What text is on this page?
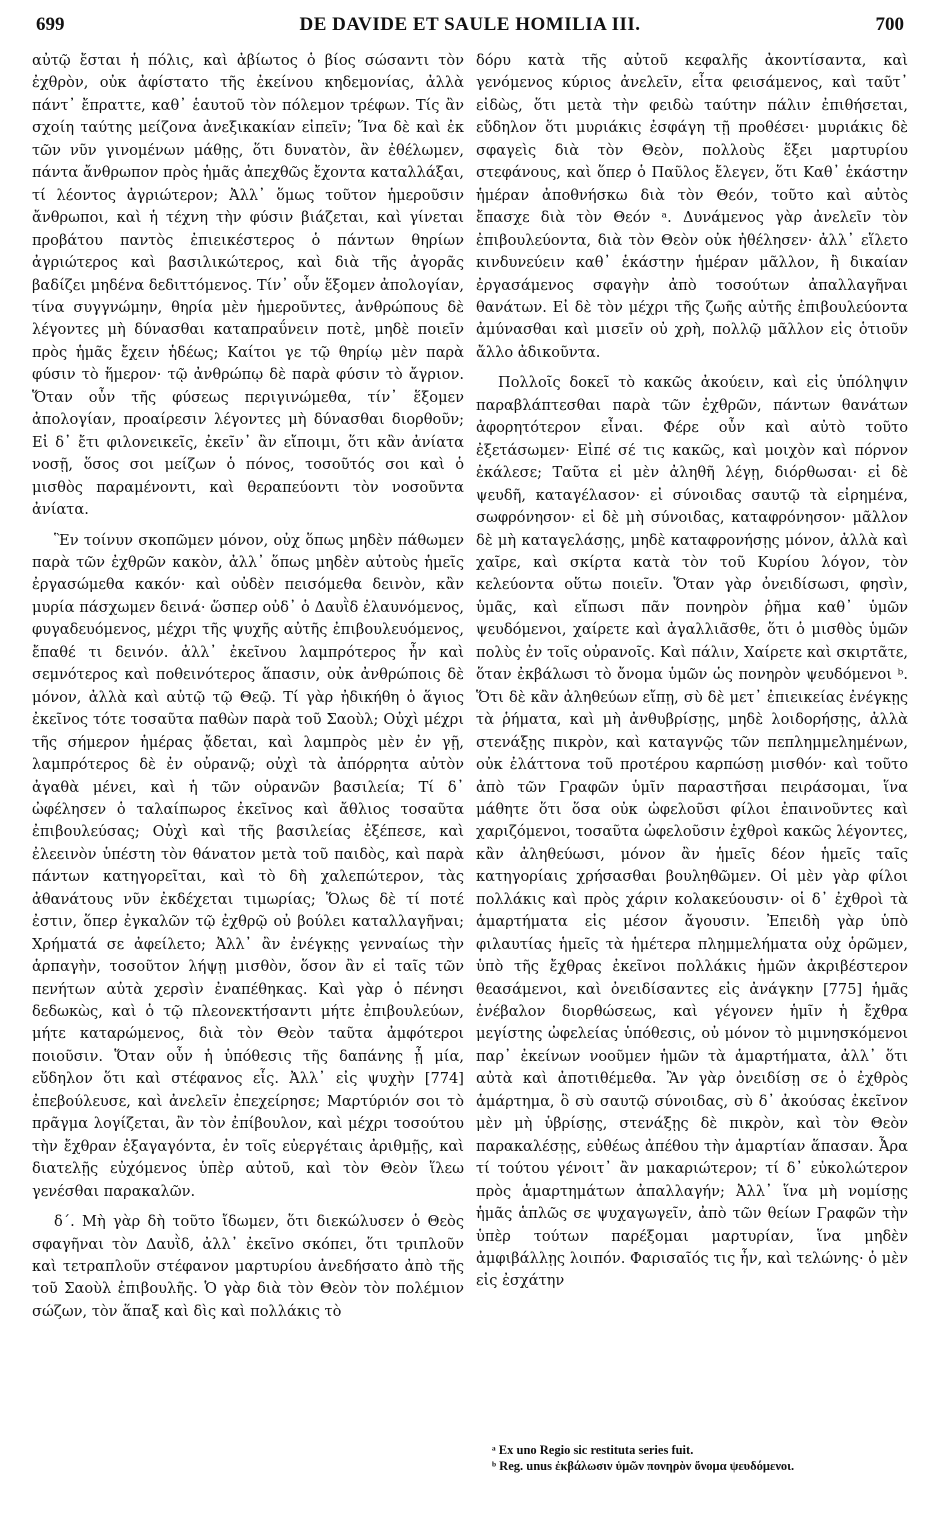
699	DE DAVIDE ET SAULE HOMILIA III.	700

αὐτῷ ἔσται ἡ πόλις, καὶ ἀβίωτος ὁ βίος σώσαντι τὸν ἐχθρὸν, οὐκ ἀφίστατο τῆς ἐκείνου κηδεμονίας, ἀλλὰ πάντ᾽ ἔπραττε, καθ᾽ ἑαυτοῦ τὸν πόλεμον τρέφων. Τίς ἂν σχοίη ταύτης μείζονα ἀνεξικακίαν εἰπεῖν; Ἵνα δὲ καὶ ἐκ τῶν νῦν γινομένων μάθῃς, ὅτι δυνατὸν, ἂν ἐθέλωμεν, πάντα ἄνθρωπον πρὸς ἡμᾶς ἀπεχθῶς ἔχοντα καταλλάξαι, τί λέοντος ἀγριώτερον; Ἀλλ᾽ ὅμως τοῦτον ἡμεροῦσιν ἄνθρωποι, καὶ ἡ τέχνη τὴν φύσιν βιάζεται, καὶ γίνεται προβάτου παντὸς ἐπιεικέστερος ὁ πάντων θηρίων ἀγριώτερος καὶ βασιλικώτερος, καὶ διὰ τῆς ἀγορᾶς βαδίζει μηδένα δεδιττόμενος. Τίν᾽ οὖν ἕξομεν ἀπολογίαν, τίνα συγγνώμην, θηρία μὲν ἡμεροῦντες, ἀνθρώπους δὲ λέγοντες μὴ δύνασθαι καταπραΰνειν ποτὲ, μηδὲ ποιεῖν πρὸς ἡμᾶς ἔχειν ἡδέως; Καίτοι γε τῷ θηρίῳ μὲν παρὰ φύσιν τὸ ἥμερον· τῷ ἀνθρώπῳ δὲ παρὰ φύσιν τὸ ἄγριον. Ὅταν οὖν τῆς φύσεως περιγινώμεθα, τίν᾽ ἕξομεν ἀπολογίαν, προαίρεσιν λέγοντες μὴ δύνασθαι διορθοῦν; Εἰ δ᾽ ἔτι φιλονεικεῖς, ἐκεῖν᾽ ἂν εἴποιμι, ὅτι κἂν ἀνίατα νοσῇ, ὅσος σοι μείζων ὁ πόνος, τοσοῦτός σοι καὶ ὁ μισθὸς παραμένοντι, καὶ θεραπεύοντι τὸν νοσοῦντα ἀνίατα.

Ἓν τοίνυν σκοπῶμεν μόνον, οὐχ ὅπως μηδὲν πάθωμεν παρὰ τῶν ἐχθρῶν κακὸν, ἀλλ᾽ ὅπως μηδὲν αὐτοὺς ἡμεῖς ἐργασώμεθα κακόν· καὶ οὐδὲν πεισόμεθα δεινὸν, κἂν μυρία πάσχωμεν δεινά· ὥσπερ οὐδ᾽ ὁ Δαυῒδ ἐλαυνόμενος, φυγαδευόμενος, μέχρι τῆς ψυχῆς αὐτῆς ἐπιβουλευόμενος, ἔπαθέ τι δεινόν. ἀλλ᾽ ἐκεῖνου λαμπρότερος ἦν καὶ σεμνότερος καὶ ποθεινότερος ἅπασιν, οὐκ ἀνθρώποις δὲ μόνον, ἀλλὰ καὶ αὐτῷ τῷ Θεῷ. Τί γὰρ ἠδικήθη ὁ ἅγιος ἐκεῖνος τότε τοσαῦτα παθὼν παρὰ τοῦ Σαοὺλ; Οὐχὶ μέχρι τῆς σήμερον ἡμέρας ᾄδεται, καὶ λαμπρὸς μὲν ἐν γῇ, λαμπρότερος δὲ ἐν οὐρανῷ; οὐχὶ τὰ ἀπόρρητα αὐτὸν ἀγαθὰ μένει, καὶ ἡ τῶν οὐρανῶν βασιλεία; Τί δ᾽ ὠφέλησεν ὁ ταλαίπωρος ἐκεῖνος καὶ ἄθλιος τοσαῦτα ἐπιβουλεύσας; Οὐχὶ καὶ τῆς βασιλείας ἐξέπεσε, καὶ ἐλεεινὸν ὑπέστη τὸν θάνατον μετὰ τοῦ παιδὸς, καὶ παρὰ πάντων κατηγορεῖται, καὶ τὸ δὴ χαλεπώτερον, τὰς ἀθανάτους νῦν ἐκδέχεται τιμωρίας; Ὅλως δὲ τί ποτέ ἐστιν, ὅπερ ἐγκαλῶν τῷ ἐχθρῷ οὐ βούλει καταλλαγῆναι; Χρήματά σε ἀφείλετο; Ἀλλ᾽ ἂν ἐνέγκῃς γενναίως τὴν ἁρπαγὴν, τοσοῦτον λήψῃ μισθὸν, ὅσον ἂν εἰ ταῖς τῶν πενήτων αὐτὰ χερσὶν ἐναπέθηκας. Καὶ γὰρ ὁ πένησι δεδωκὼς, καὶ ὁ τῷ πλεονεκτήσαντι μήτε ἐπιβουλεύων, μήτε καταρώμενος, διὰ τὸν Θεὸν ταῦτα ἀμφότεροι ποιοῦσιν. Ὅταν οὖν ἡ ὑπόθεσις τῆς δαπάνης ᾖ μία, εὔδηλον ὅτι καὶ στέφανος εἷς. Ἀλλ᾽ εἰς ψυχὴν [774] ἐπεβούλευσε, καὶ ἀνελεῖν ἐπεχείρησε; Μαρτύριόν σοι τὸ πρᾶγμα λογίζεται, ἂν τὸν ἐπίβουλον, καὶ μέχρι τοσούτου τὴν ἔχθραν ἐξαγαγόντα, ἐν τοῖς εὐεργέταις ἀριθμῇς, καὶ διατελῇς εὐχόμενος ὑπὲρ αὐτοῦ, καὶ τὸν Θεὸν ἵλεω γενέσθαι παρακαλῶν.

δ΄. Μὴ γὰρ δὴ τοῦτο ἴδωμεν, ὅτι διεκώλυσεν ὁ Θεὸς σφαγῆναι τὸν Δαυῒδ, ἀλλ᾽ ἐκεῖνο σκόπει, ὅτι τριπλοῦν καὶ τετραπλοῦν στέφανον μαρτυρίου ἀνεδήσατο ἀπὸ τῆς τοῦ Σαοὺλ ἐπιβουλῆς. Ὁ γὰρ διὰ τὸν Θεὸν τὸν πολέμιον σώζων, τὸν ἅπαξ καὶ δὶς καὶ πολλάκις τὸ

δόρυ κατὰ τῆς αὐτοῦ κεφαλῆς ἀκοντίσαντα, καὶ γενόμενος κύριος ἀνελεῖν, εἶτα φεισάμενος, καὶ ταῦτ᾽ εἰδὼς, ὅτι μετὰ τὴν φειδὼ ταύτην πάλιν ἐπιθήσεται, εὔδηλον ὅτι μυριάκις ἐσφάγη τῇ προθέσει· μυριάκις δὲ σφαγεὶς διὰ τὸν Θεὸν, πολλοὺς ἕξει μαρτυρίου στεφάνους, καὶ ὅπερ ὁ Παῦλος ἔλεγεν, ὅτι Καθ᾽ ἑκάστην ἡμέραν ἀποθνήσκω διὰ τὸν Θεόν, τοῦτο καὶ αὐτὸς ἔπασχε διὰ τὸν Θεόν ᵃ. Δυνάμενος γὰρ ἀνελεῖν τὸν ἐπιβουλεύοντα, διὰ τὸν Θεὸν οὐκ ἠθέλησεν· ἀλλ᾽ εἵλετο κινδυνεύειν καθ᾽ ἑκάστην ἡμέραν μᾶλλον, ἢ δικαίαν ἐργασάμενος σφαγὴν ἀπὸ τοσούτων ἀπαλλαγῆναι θανάτων. Εἰ δὲ τὸν μέχρι τῆς ζωῆς αὐτῆς ἐπιβουλεύοντα ἀμύνασθαι καὶ μισεῖν οὐ χρὴ, πολλῷ μᾶλλον εἰς ὁτιοῦν ἄλλο ἀδικοῦντα.

Πολλοῖς δοκεῖ τὸ κακῶς ἀκούειν, καὶ εἰς ὑπόληψιν παραβλάπτεσθαι παρὰ τῶν ἐχθρῶν, πάντων θανάτων ἀφορητότερον εἶναι. Φέρε οὖν καὶ αὐτὸ τοῦτο ἐξετάσωμεν· Εἰπέ σέ τις κακῶς, καὶ μοιχὸν καὶ πόρνον ἐκάλεσε; Ταῦτα εἰ μὲν ἀληθῆ λέγῃ, διόρθωσαι· εἰ δὲ ψευδῆ, καταγέλασον· εἰ σύνοιδας σαυτῷ τὰ εἰρημένα, σωφρόνησον· εἰ δὲ μὴ σύνοιδας, καταφρόνησον· μᾶλλον δὲ μὴ καταγελάσῃς, μηδὲ καταφρονήσῃς μόνον, ἀλλὰ καὶ χαῖρε, καὶ σκίρτα κατὰ τὸν τοῦ Κυρίου λόγον, τὸν κελεύοντα οὕτω ποιεῖν. Ὅταν γὰρ ὀνειδίσωσι, φησὶν, ὑμᾶς, καὶ εἴπωσι πᾶν πονηρὸν ῥῆμα καθ᾽ ὑμῶν ψευδόμενοι, χαίρετε καὶ ἀγαλλιᾶσθε, ὅτι ὁ μισθὸς ὑμῶν πολὺς ἐν τοῖς οὐρανοῖς. Καὶ πάλιν, Χαίρετε καὶ σκιρτᾶτε, ὅταν ἐκβάλωσι τὸ ὄνομα ὑμῶν ὡς πονηρὸν ψευδόμενοι ᵇ. Ὅτι δὲ κἂν ἀληθεύων εἴπῃ, σὺ δὲ μετ᾽ ἐπιεικείας ἐνέγκῃς τὰ ῥήματα, καὶ μὴ ἀνθυβρίσῃς, μηδὲ λοιδορήσῃς, ἀλλὰ στενάξῃς πικρὸν, καὶ καταγνῷς τῶν πεπλημμελημένων, οὐκ ἐλάττονα τοῦ προτέρου καρπώσῃ μισθόν· καὶ τοῦτο ἀπὸ τῶν Γραφῶν ὑμῖν παραστῆσαι πειράσομαι, ἵνα μάθητε ὅτι ὅσα οὐκ ὠφελοῦσι φίλοι ἐπαινοῦντες καὶ χαριζόμενοι, τοσαῦτα ὠφελοῦσιν ἐχθροὶ κακῶς λέγοντες, κἂν ἀληθεύωσι, μόνον ἂν ἡμεῖς δέον ἡμεῖς ταῖς κατηγορίαις χρήσασθαι βουληθῶμεν. Οἱ μὲν γὰρ φίλοι πολλάκις καὶ πρὸς χάριν κολακεύουσιν· οἱ δ᾽ ἐχθροὶ τὰ ἁμαρτήματα εἰς μέσον ἄγουσιν. Ἐπειδὴ γὰρ ὑπὸ φιλαυτίας ἡμεῖς τὰ ἡμέτερα πλημμελήματα οὐχ ὁρῶμεν, ὑπὸ τῆς ἔχθρας ἐκεῖνοι πολλάκις ἡμῶν ἀκριβέστερον θεασάμενοι, καὶ ὀνειδίσαντες εἰς ἀνάγκην [775] ἡμᾶς ἐνέβαλον διορθώσεως, καὶ γέγονεν ἡμῖν ἡ ἔχθρα μεγίστης ὠφελείας ὑπόθεσις, οὐ μόνον τὸ μιμνησκόμενοι παρ᾽ ἐκείνων νοοῦμεν ἡμῶν τὰ ἁμαρτήματα, ἀλλ᾽ ὅτι αὐτὰ καὶ ἀποτιθέμεθα. Ἂν γὰρ ὀνειδίσῃ σε ὁ ἐχθρὸς ἁμάρτημα, ὃ σὺ σαυτῷ σύνοιδας, σὺ δ᾽ ἀκούσας ἐκεῖνον μὲν μὴ ὑβρίσῃς, στενάξῃς δὲ πικρὸν, καὶ τὸν Θεὸν παρακαλέσῃς, εὐθέως ἀπέθου τὴν ἁμαρτίαν ἅπασαν. Ἆρα τί τούτου γένοιτ᾽ ἂν μακαριώτερον; τί δ᾽ εὐκολώτερον πρὸς ἁμαρτημάτων ἀπαλλαγήν; Ἀλλ᾽ ἵνα μὴ νομίσῃς ἡμᾶς ἁπλῶς σε ψυχαγωγεῖν, ἀπὸ τῶν θείων Γραφῶν τὴν ὑπὲρ τούτων παρέξομαι μαρτυρίαν, ἵνα μηδὲν ἀμφιβάλλῃς λοιπόν. Φαρισαῖός τις ἦν, καὶ τελώνης· ὁ μὲν εἰς ἐσχάτην

ᵃ Ex uno Regio sic restituta series fuit.
ᵇ Reg. unus ἐκβάλωσιν ὑμῶν πονηρὸν ὄνομα ψευδόμενοι.
